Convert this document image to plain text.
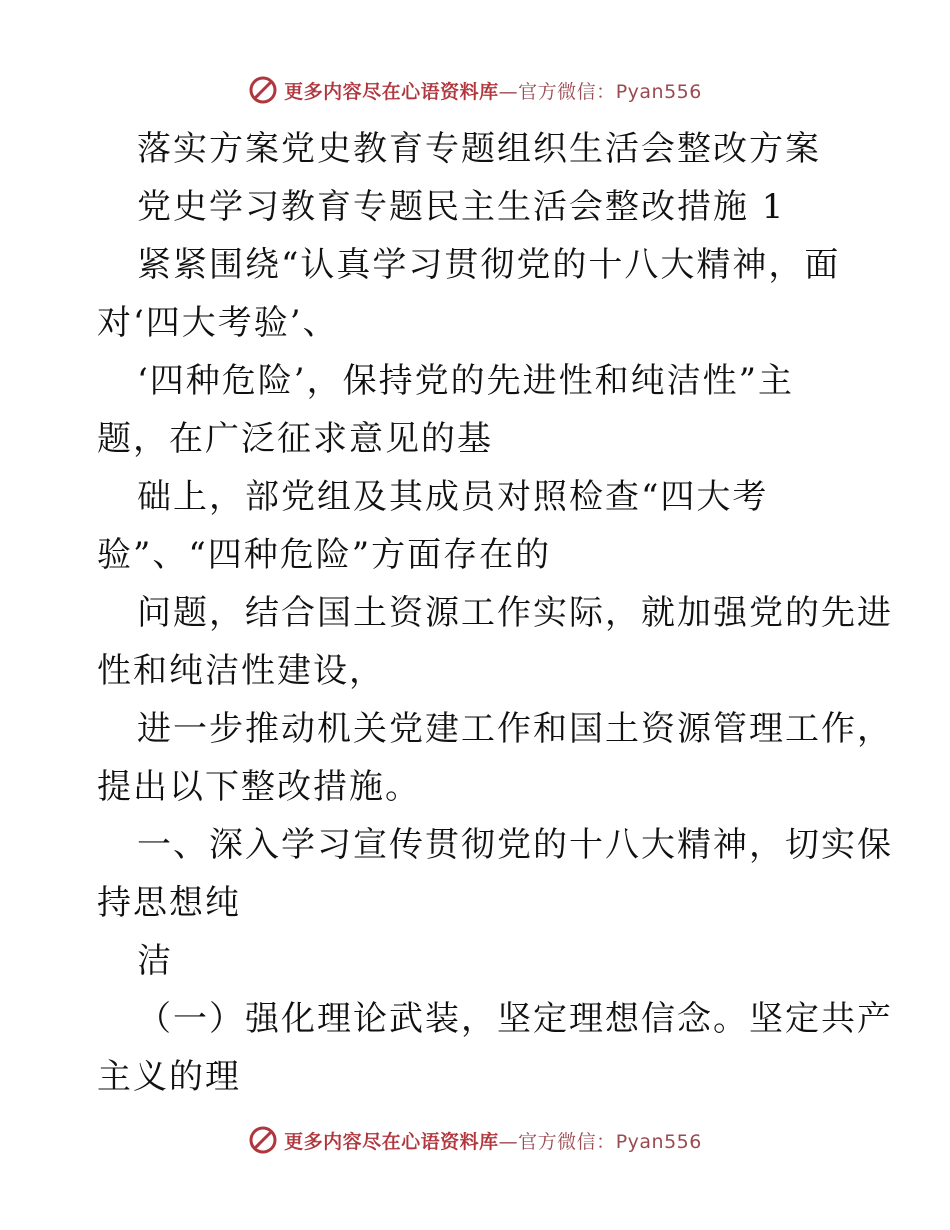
更多内容尽在心语资料库—官方微信：Pyan556
落实方案党史教育专题组织生活会整改方案
党史学习教育专题民主生活会整改措施 1
紧紧围绕“认真学习贯彻党的十八大精神，面
对‘四大考验’、
‘四种危险’，保持党的先进性和纯洁性”主
题，在广泛征求意见的基
础上，部党组及其成员对照检查“四大考
验”、“四种危险”方面存在的
问题，结合国土资源工作实际，就加强党的先进
性和纯洁性建设，
进一步推动机关党建工作和国土资源管理工作，
提出以下整改措施。
一、深入学习宣传贯彻党的十八大精神，切实保
持思想纯
洁
（一）强化理论武装，坚定理想信念。坚定共产
主义的理
更多内容尽在心语资料库—官方微信：Pyan556
